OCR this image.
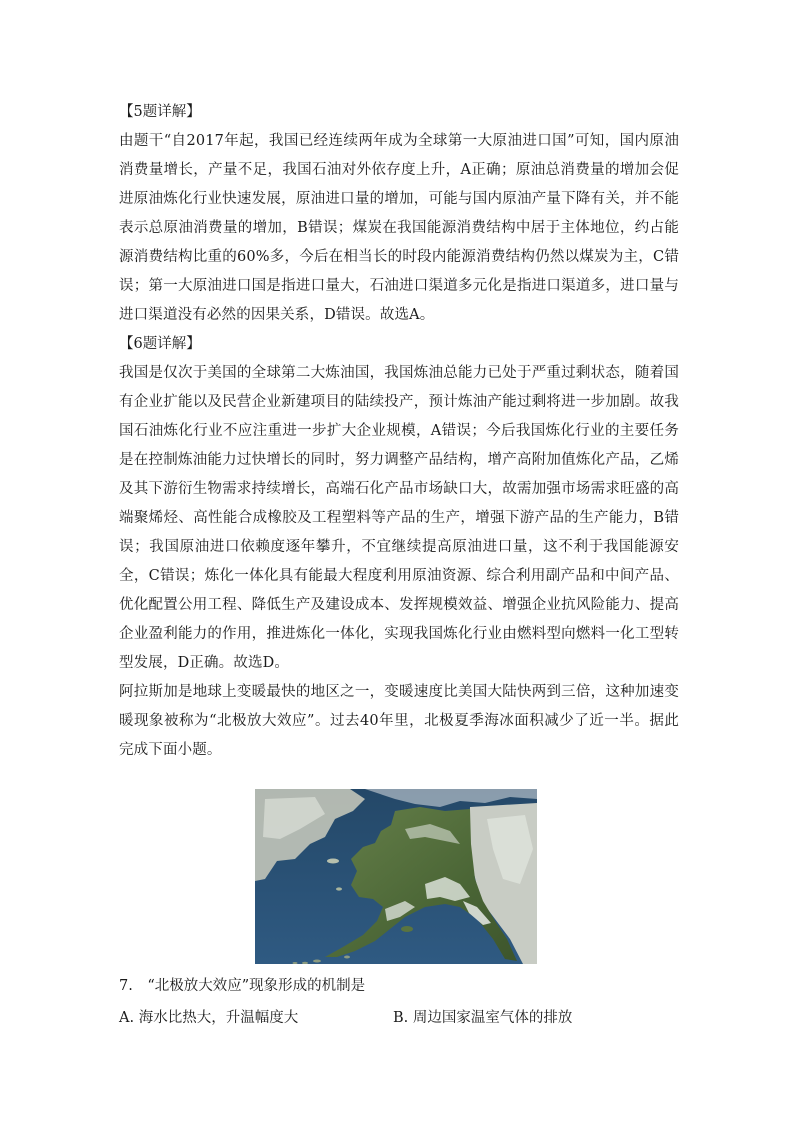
【5题详解】

由题干“自2017年起，我国已经连续两年成为全球第一大原油进口国”可知，国内原油消费量增长，产量不足，我国石油对外依存度上升，A正确；原油总消费量的增加会促进原油炼化行业快速发展，原油进口量的增加，可能与国内原油产量下降有关，并不能表示总原油消费量的增加，B错误；煤炭在我国能源消费结构中居于主体地位，约占能源消费结构比重的60%多，今后在相当长的时段内能源消费结构仍然以煤炭为主，C错误；第一大原油进口国是指进口量大，石油进口渠道多元化是指进口渠道多，进口量与进口渠道没有必然的因果关系，D错误。故选A。

【6题详解】

我国是仅次于美国的全球第二大炼油国，我国炼油总能力已处于严重过剩状态，随着国有企业扩能以及民营企业新建项目的陆续投产，预计炼油产能过剩将进一步加剧。故我国石油炼化行业不应注重进一步扩大企业规模，A错误；今后我国炼化行业的主要任务是在控制炼油能力过快增长的同时，努力调整产品结构，增产高附加值炼化产品，乙烯及其下游衍生物需求持续增长，高端石化产品市场缺口大，故需加强市场需求旺盛的高端聚烯烃、高性能合成橡胶及工程塑料等产品的生产，增强下游产品的生产能力，B错误；我国原油进口依赖度逐年攀升，不宜继续提高原油进口量，这不利于我国能源安全，C错误；炼化一体化具有能最大程度利用原油资源、综合利用副产品和中间产品、优化配置公用工程、降低生产及建设成本、发挥规模效益、增强企业抗风险能力、提高企业盈利能力的作用，推进炼化一体化，实现我国炼化行业由燃料型向燃料一化工型转型发展，D正确。故选D。

阿拉斯加是地球上变暖最快的地区之一，变暖速度比美国大陆快两到三倍，这种加速变暖现象被称为“北极放大效应”。过去40年里，北极夏季海冰面积减少了近一半。据此完成下面小题。

7.　“北极放大效应”现象形成的机制是

A. 海水比热大，升温幅度大	B. 周边国家温室气体的排放
